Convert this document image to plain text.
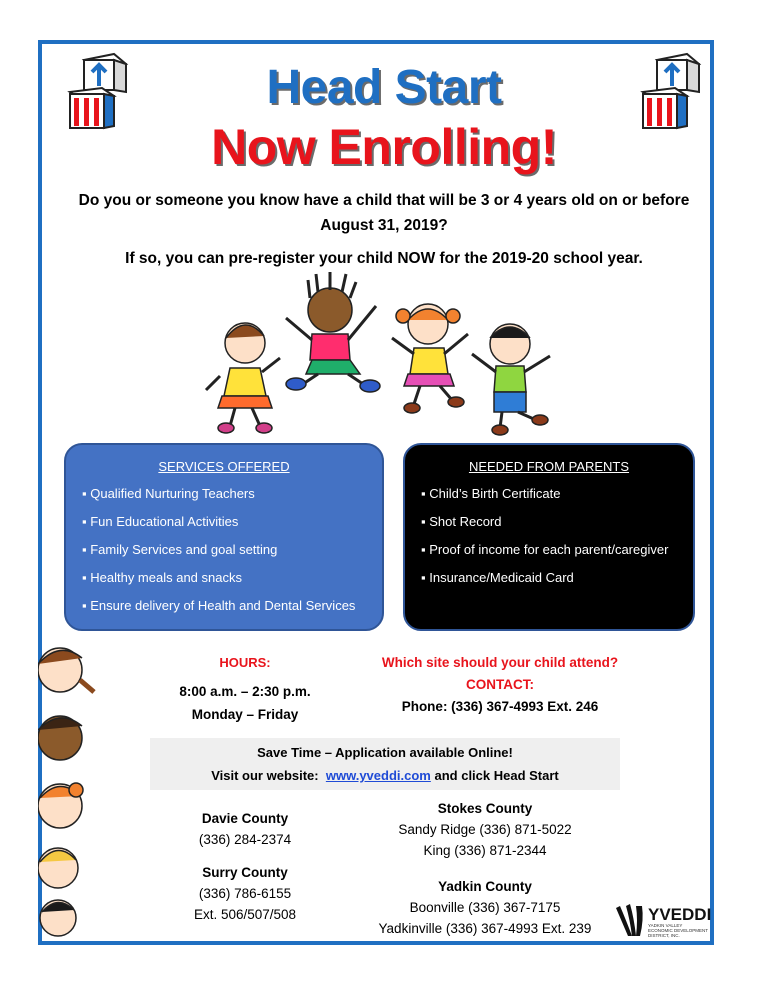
Head Start
Now Enrolling!
Do you or someone you know have a child that will be 3 or 4 years old on or before August 31, 2019?
If so, you can pre-register your child NOW for the 2019-20 school year.
SERVICES OFFERED
▪ Qualified Nurturing Teachers
▪ Fun Educational Activities
▪ Family Services and goal setting
▪ Healthy meals and snacks
▪ Ensure delivery of Health and Dental Services
NEEDED FROM PARENTS
▪ Child’s Birth Certificate
▪ Shot Record
▪ Proof of income for each parent/caregiver
▪ Insurance/Medicaid Card
HOURS:
8:00 a.m. – 2:30 p.m.
Monday – Friday
Which site should your child attend?
CONTACT:
Phone: (336) 367-4993 Ext. 246
Save Time – Application available Online!
Visit our website: www.yveddi.com and click Head Start
Davie County
(336) 284-2374
Surry County
(336) 786-6155
Ext. 506/507/508
Stokes County
Sandy Ridge (336) 871-5022
King (336) 871-2344
Yadkin County
Boonville (336) 367-7175
Yadkinville (336) 367-4993 Ext. 239
YVEDDI
YADKIN VALLEY ECONOMIC DEVELOPMENT DISTRICT, INC.
